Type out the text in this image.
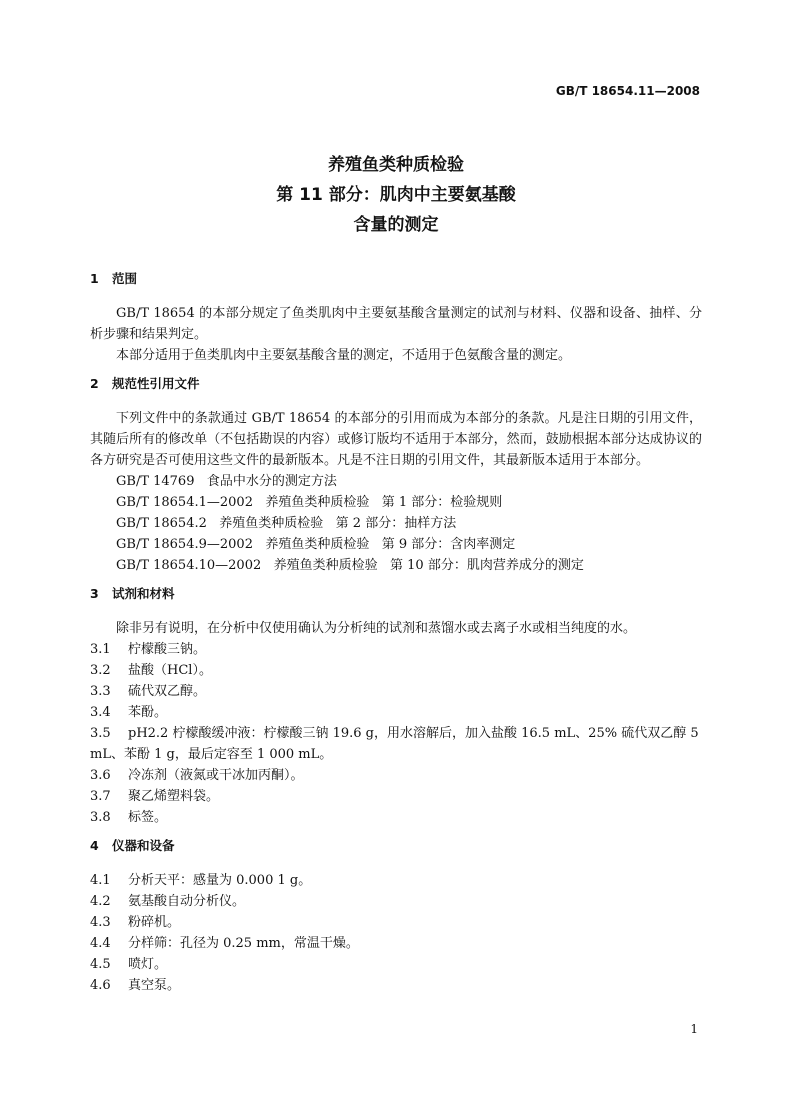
GB/T 18654.11—2008
养殖鱼类种质检验
第 11 部分：肌肉中主要氨基酸
含量的测定
1 范围

GB/T 18654 的本部分规定了鱼类肌肉中主要氨基酸含量测定的试剂与材料、仪器和设备、抽样、分析步骤和结果判定。

本部分适用于鱼类肌肉中主要氨基酸含量的测定，不适用于色氨酸含量的测定。

2 规范性引用文件

下列文件中的条款通过 GB/T 18654 的本部分的引用而成为本部分的条款。凡是注日期的引用文件，其随后所有的修改单（不包括勘误的内容）或修订版均不适用于本部分，然而，鼓励根据本部分达成协议的各方研究是否可使用这些文件的最新版本。凡是不注日期的引用文件，其最新版本适用于本部分。

GB/T 14769   食品中水分的测定方法
GB/T 18654.1—2002   养殖鱼类种质检验   第 1 部分：检验规则
GB/T 18654.2   养殖鱼类种质检验   第 2 部分：抽样方法
GB/T 18654.9—2002   养殖鱼类种质检验   第 9 部分：含肉率测定
GB/T 18654.10—2002   养殖鱼类种质检验   第 10 部分：肌肉营养成分的测定
3 试剂和材料

除非另有说明，在分析中仅使用确认为分析纯的试剂和蒸馏水或去离子水或相当纯度的水。

3.1 柠檬酸三钠。
3.2 盐酸（HCl）。
3.3 硫代双乙醇。
3.4 苯酚。
3.5 pH2.2 柠檬酸缓冲液：柠檬酸三钠 19.6 g，用水溶解后，加入盐酸 16.5 mL、25% 硫代双乙醇 5 mL、苯酚 1 g，最后定容至 1 000 mL。
3.6 冷冻剂（液氮或干冰加丙酮）。
3.7 聚乙烯塑料袋。
3.8 标签。
4 仪器和设备
4.1 分析天平：感量为 0.000 1 g。
4.2 氨基酸自动分析仪。
4.3 粉碎机。
4.4 分样筛：孔径为 0.25 mm，常温干燥。
4.5 喷灯。
4.6 真空泵。
1
